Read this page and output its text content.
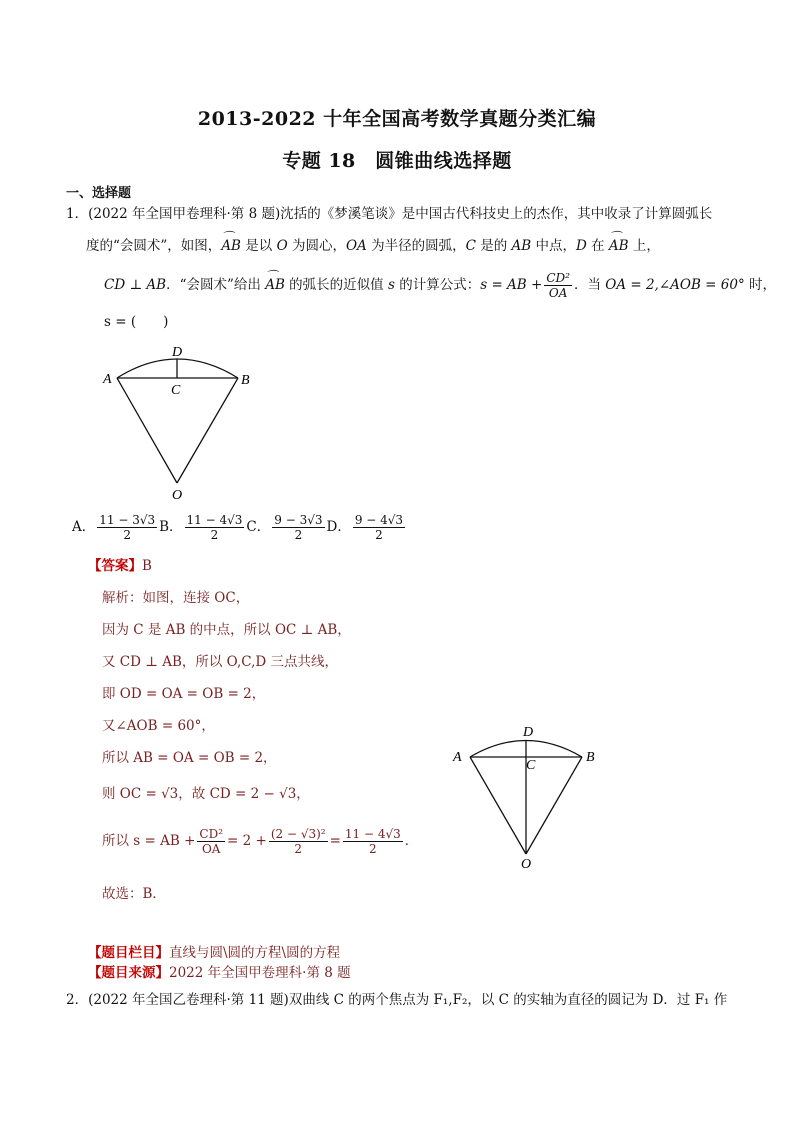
2013-2022 十年全国高考数学真题分类汇编
专题 18　圆锥曲线选择题
一、选择题
1．(2022 年全国甲卷理科·第 8 题)沈括的《梦溪笔谈》是中国古代科技史上的杰作，其中收录了计算圆弧长
度的“会圆术”，如图，⌒ AB 是以 O 为圆心，OA 为半径的圆弧，C 是的 AB 中点，D 在 ⌒ AB 上，
CD ⊥ AB．“会圆术”给出 ⌒ AB 的弧长的近似值 s 的计算公式：s = AB + $\frac{\text{CD²}}{OA}$ ．当 OA = 2,∠AOB = 60° 时，
s = (　　)
A	B
C
D
O
A． $\frac{11 - 3√3}{2}$ B． $\frac{11 - 4√3}{2}$ C． $\frac{9 - 3√3}{2}$ D． $\frac{9 - 4√3}{2}$
【答案】B
解析：如图，连接 OC，
因为 C 是 AB 的中点，所以 OC ⊥ AB，
又 CD ⊥ AB，所以 O,C,D 三点共线，
即 OD = OA = OB = 2，
又∠AOB = 60°，
所以 AB = OA = OB = 2，
则 OC = √3，故 CD = 2 − √3，
所以 s = AB + $\frac{\text{CD²}}{OA} = 2 + \frac{\text{(2 − √3)²}}{2} = \frac{11 - 4√3}{2}$ ．
故选：B．
A	B
C
D
O
【题目栏目】直线与圆\圆的方程\圆的方程
【题目来源】2022 年全国甲卷理科·第 8 题
2．(2022 年全国乙卷理科·第 11 题)双曲线 C 的两个焦点为 F₁,F₂，以 C 的实轴为直径的圆记为 D．过 F₁ 作
